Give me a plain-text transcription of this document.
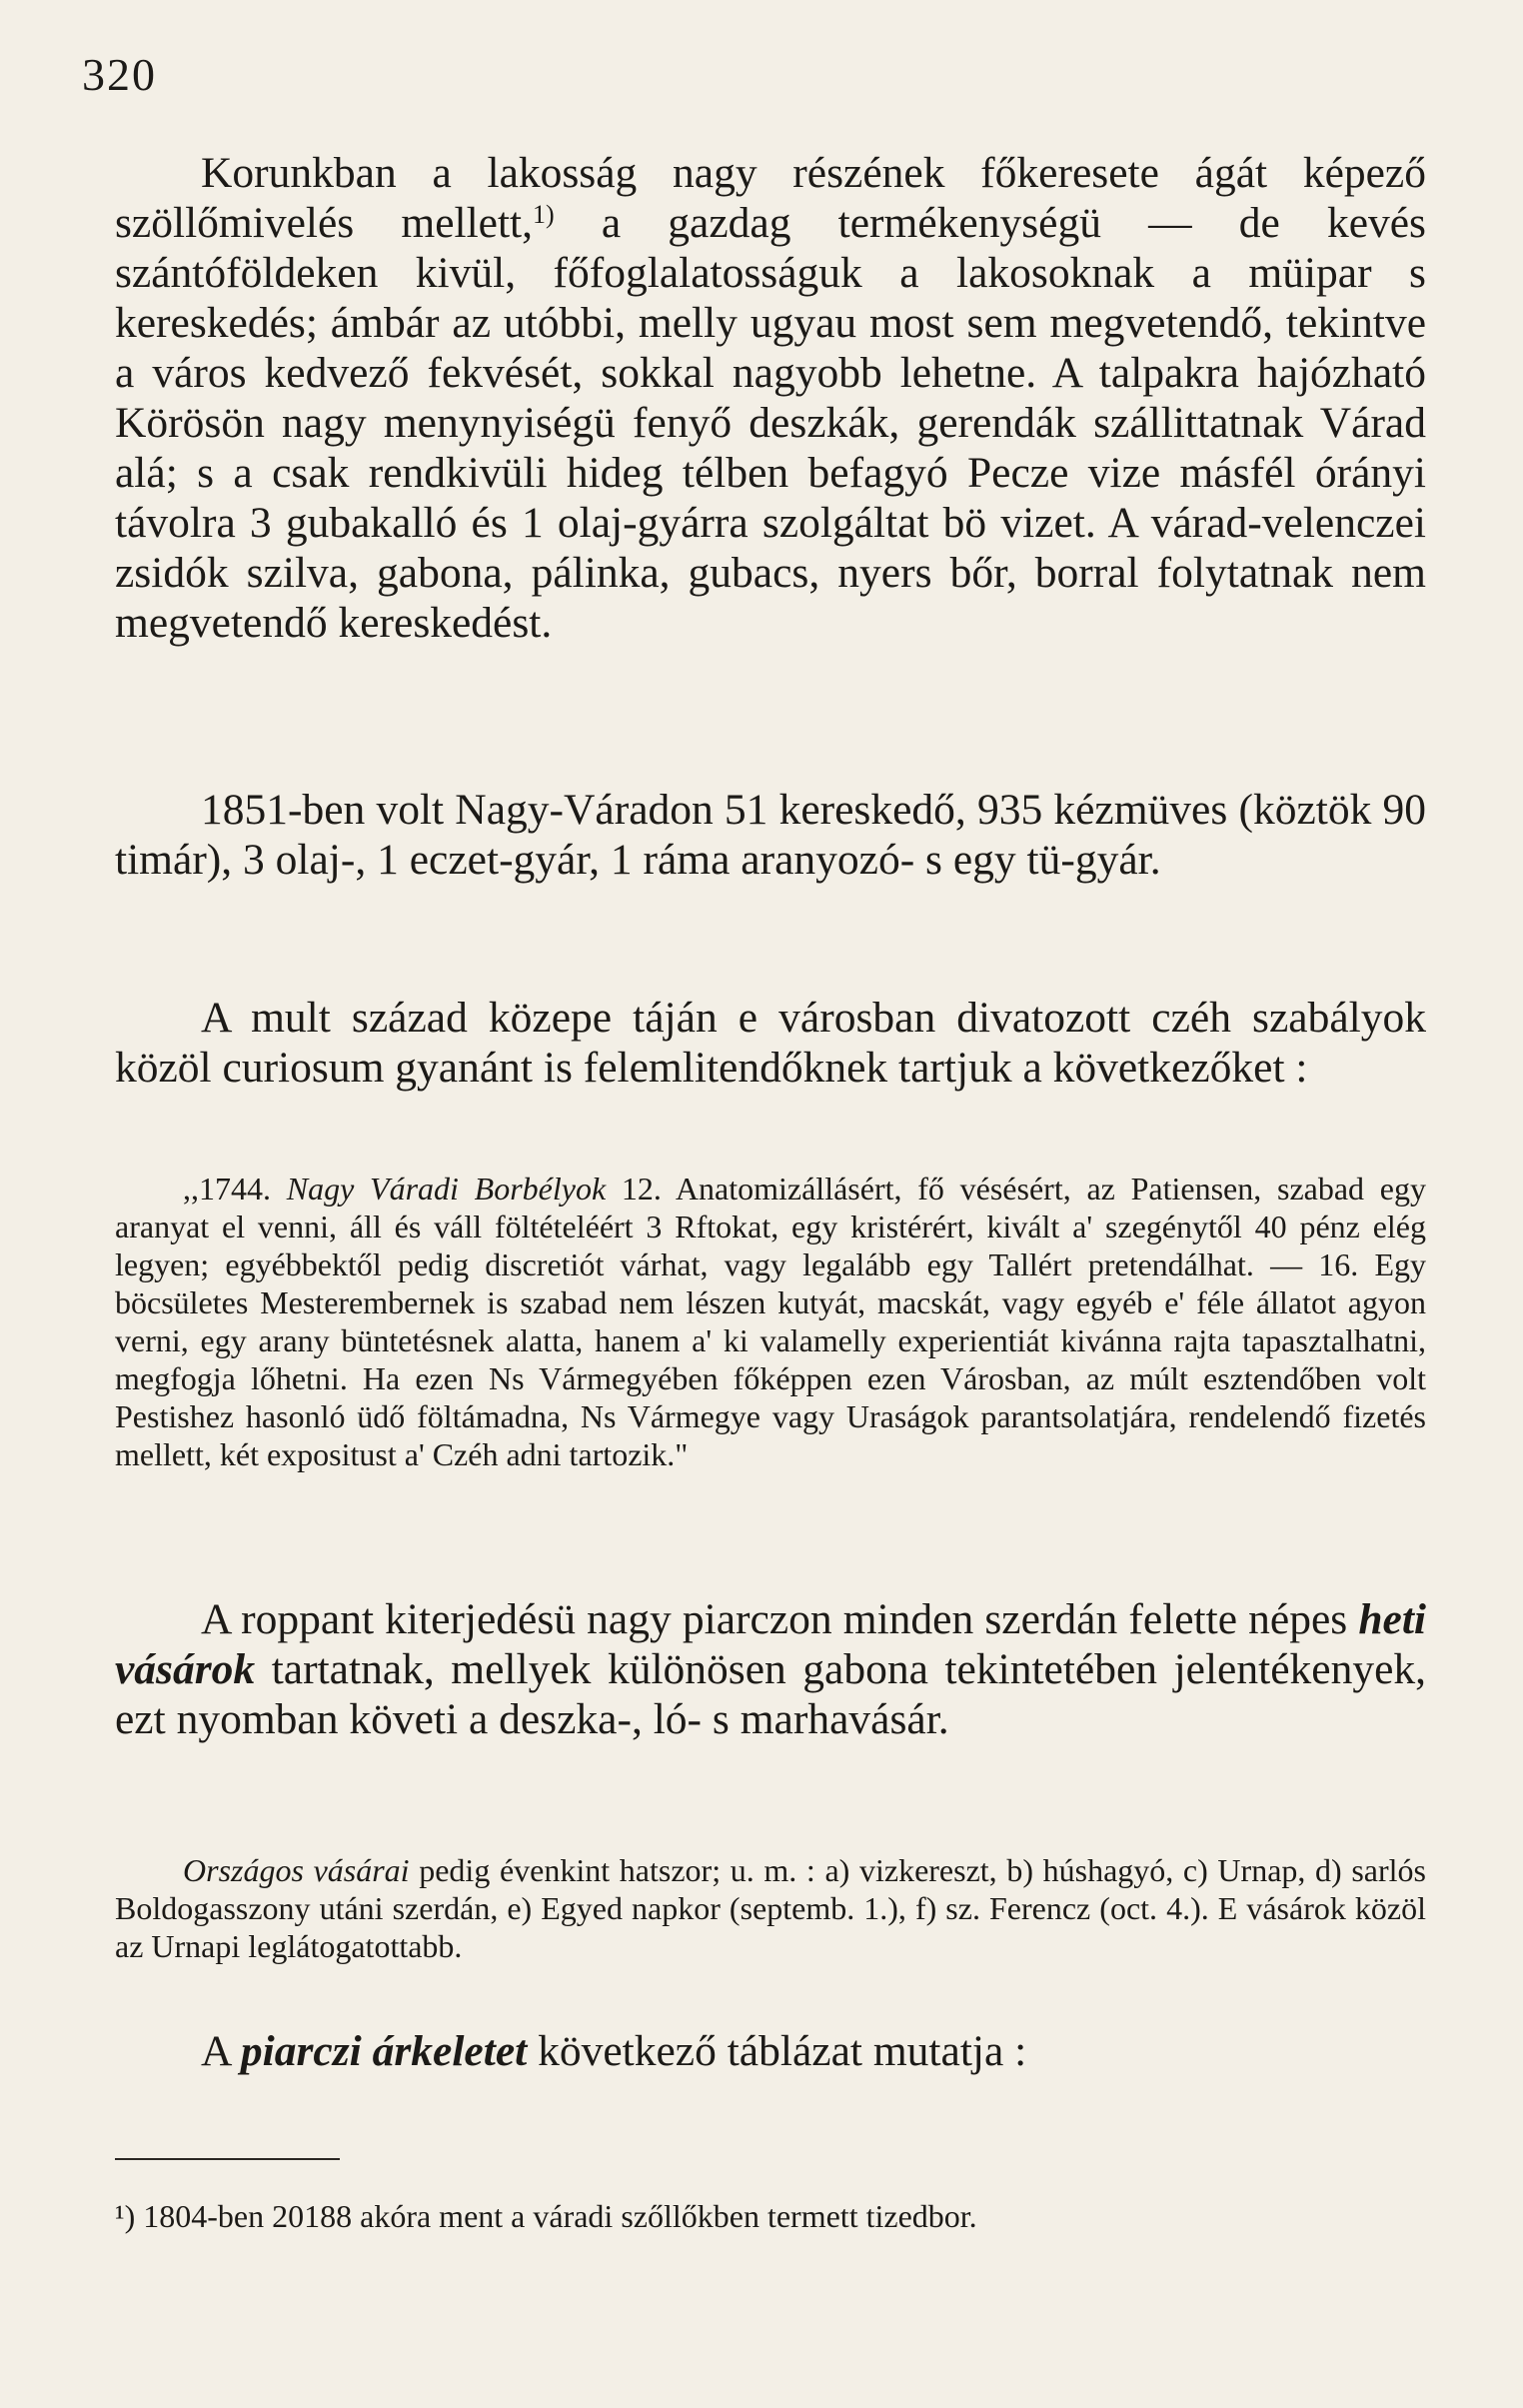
320

Korunkban a lakosság nagy részének főkeresete ágát képező szöllőmivelés mellett,$^{1)}$ a gazdag termékenységü — de kevés szántóföldeken kivül, főfoglalatosságuk a lakosoknak a müipar s kereskedés; ámbár az utóbbi, melly ugyau most sem megvetendő, tekintve a város kedvező fekvését, sokkal nagyobb lehetne. A talpakra hajózható Körösön nagy menynyiségü fenyő deszkák, gerendák szállittatnak Várad alá; s a csak rendkivüli hideg télben befagyó Pecze vize másfél órányi távolra 3 gubakalló és 1 olaj-gyárra szolgáltat bö vizet. A várad-velenczei zsidók szilva, gabona, pálinka, gubacs, nyers bőr, borral folytatnak nem megvetendő kereskedést.

1851-ben volt Nagy-Váradon 51 kereskedő, 935 kézmüves (köztök 90 timár), 3 olaj-, 1 eczet-gyár, 1 ráma aranyozó- s egy tü-gyár.

A mult század közepe táján e városban divatozott czéh szabályok közöl curiosum gyanánt is felemlitendőknek tartjuk a következőket :

,,1744. Nagy Váradi Borbélyok 12. Anatomizállásért, fő vésésért, az Patiensen, szabad egy aranyat el venni, áll és váll föltételéért 3 Rftokat, egy kristérért, kivált a' szegénytől 40 pénz elég legyen; egyébbektől pedig discretiót várhat, vagy legalább egy Tallért pretendálhat. — 16. Egy böcsületes Mesterembernek is szabad nem lészen kutyát, macskát, vagy egyéb e' féle állatot agyon verni, egy arany büntetésnek alatta, hanem a' ki valamelly experientiát kivánna rajta tapasztalhatni, megfogja lőhetni. Ha ezen Ns Vármegyében főképpen ezen Városban, az múlt esztendőben volt Pestishez hasonló üdő föltámadna, Ns Vármegye vagy Uraságok parantsolatjára, rendelendő fizetés mellett, két expositust a' Czéh adni tartozik."

A roppant kiterjedésü nagy piarczon minden szerdán felette népes heti vásárok tartatnak, mellyek különösen gabona tekintetében jelentékenyek, ezt nyomban követi a deszka-, ló- s marhavásár.

Országos vásárai pedig évenkint hatszor; u. m. : a) vizkereszt, b) húshagyó, c) Urnap, d) sarlós Boldogasszony utáni szerdán, e) Egyed napkor (septemb. 1.), f) sz. Ferencz (oct. 4.). E vásárok közöl az Urnapi leglátogatottabb.

A piarczi árkeletet következő táblázat mutatja :

¹) 1804-ben 20188 akóra ment a váradi szőllőkben termett tizedbor.
